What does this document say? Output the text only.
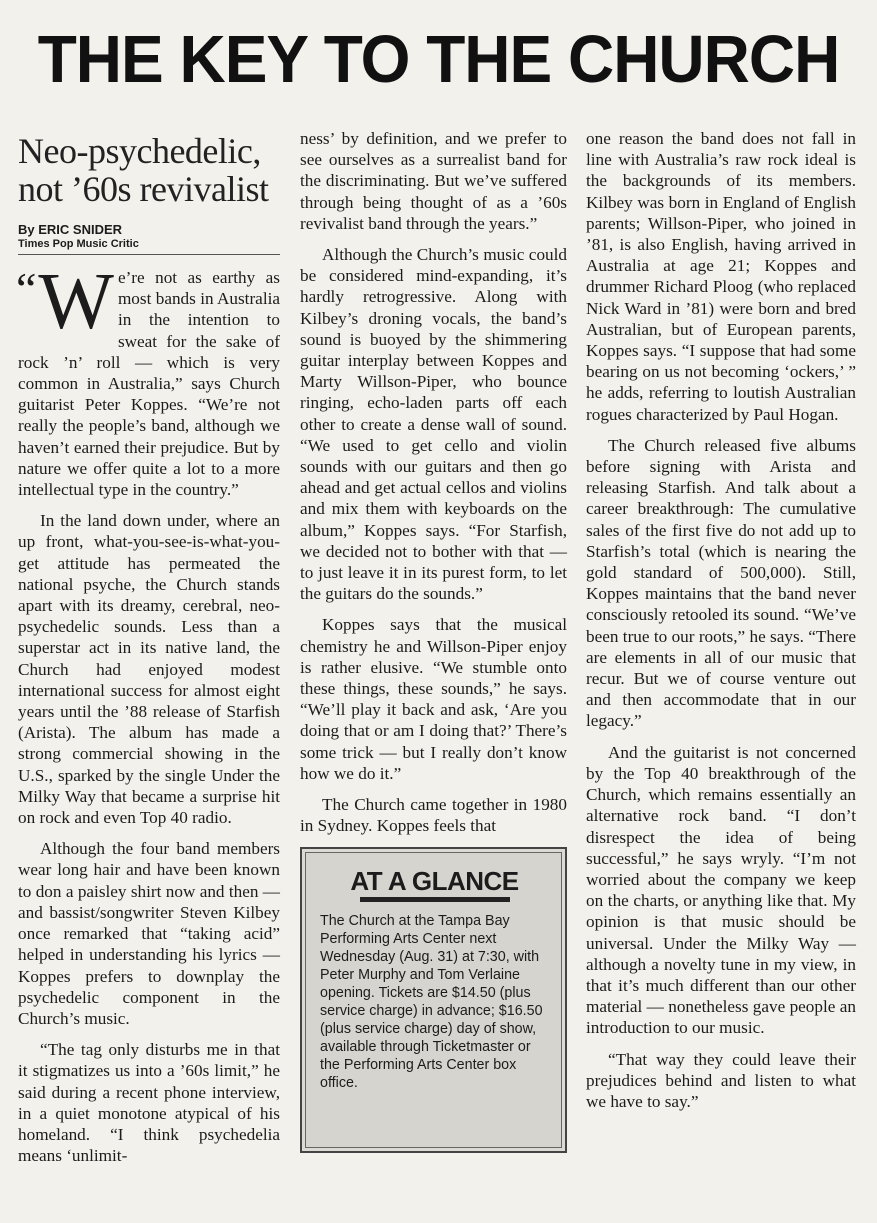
THE KEY TO THE CHURCH
Neo-psychedelic, not ’60s revivalist
By ERIC SNIDER
Times Pop Music Critic

“W e’re not as earthy as most bands in Australia in the intention to sweat for the sake of rock ’n’ roll — which is very common in Australia,” says Church guitarist Peter Koppes. “We’re not really the people’s band, although we haven’t earned their prejudice. But by nature we offer quite a lot to a more intellectual type in the country.”

In the land down under, where an up front, what-you-see-is-what-you-get attitude has permeated the national psyche, the Church stands apart with its dreamy, cerebral, neo-psychedelic sounds. Less than a superstar act in its native land, the Church had enjoyed modest international success for almost eight years until the ’88 release of Starfish (Arista). The album has made a strong commercial showing in the U.S., sparked by the single Under the Milky Way that became a surprise hit on rock and even Top 40 radio.

Although the four band members wear long hair and have been known to don a paisley shirt now and then — and bassist/songwriter Steven Kilbey once remarked that “taking acid” helped in understanding his lyrics — Koppes prefers to downplay the psychedelic component in the Church’s music.

“The tag only disturbs me in that it stigmatizes us into a ’60s limit,” he said during a recent phone interview, in a quiet monotone atypical of his homeland. “I think psychedelia means ‘unlimit-

ness’ by definition, and we prefer to see ourselves as a surrealist band for the discriminating. But we’ve suffered through being thought of as a ’60s revivalist band through the years.”

Although the Church’s music could be considered mind-expanding, it’s hardly retrogressive. Along with Kilbey’s droning vocals, the band’s sound is buoyed by the shimmering guitar interplay between Koppes and Marty Willson-Piper, who bounce ringing, echo-laden parts off each other to create a dense wall of sound. “We used to get cello and violin sounds with our guitars and then go ahead and get actual cellos and violins and mix them with keyboards on the album,” Koppes says. “For Starfish, we decided not to bother with that — to just leave it in its purest form, to let the guitars do the sounds.”

Koppes says that the musical chemistry he and Willson-Piper enjoy is rather elusive. “We stumble onto these things, these sounds,” he says. “We’ll play it back and ask, ‘Are you doing that or am I doing that?’ There’s some trick — but I really don’t know how we do it.”

The Church came together in 1980 in Sydney. Koppes feels that

AT A GLANCE
The Church at the Tampa Bay Performing Arts Center next Wednesday (Aug. 31) at 7:30, with Peter Murphy and Tom Verlaine opening. Tickets are $14.50 (plus service charge) in advance; $16.50 (plus service charge) day of show, available through Ticketmaster or the Performing Arts Center box office.

one reason the band does not fall in line with Australia’s raw rock ideal is the backgrounds of its members. Kilbey was born in England of English parents; Willson-Piper, who joined in ’81, is also English, having arrived in Australia at age 21; Koppes and drummer Richard Ploog (who replaced Nick Ward in ’81) were born and bred Australian, but of European parents, Koppes says. “I suppose that had some bearing on us not becoming ‘ockers,’ ” he adds, referring to loutish Australian rogues characterized by Paul Hogan.

The Church released five albums before signing with Arista and releasing Starfish. And talk about a career breakthrough: The cumulative sales of the first five do not add up to Starfish’s total (which is nearing the gold standard of 500,000). Still, Koppes maintains that the band never consciously retooled its sound. “We’ve been true to our roots,” he says. “There are elements in all of our music that recur. But we of course venture out and then accommodate that in our legacy.”

And the guitarist is not concerned by the Top 40 breakthrough of the Church, which remains essentially an alternative rock band. “I don’t disrespect the idea of being successful,” he says wryly. “I’m not worried about the company we keep on the charts, or anything like that. My opinion is that music should be universal. Under the Milky Way — although a novelty tune in my view, in that it’s much different than our other material — nonetheless gave people an introduction to our music.

“That way they could leave their prejudices behind and listen to what we have to say.”
